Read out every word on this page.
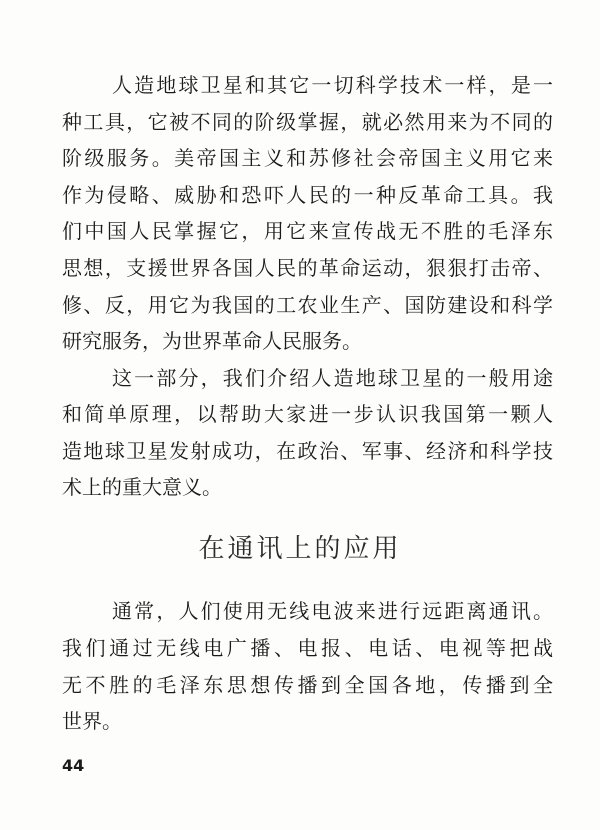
人造地球卫星和其它一切科学技术一样，是一
种工具，它被不同的阶级掌握，就必然用来为不同的
阶级服务。美帝国主义和苏修社会帝国主义用它来
作为侵略、威胁和恐吓人民的一种反革命工具。我
们中国人民掌握它，用它来宣传战无不胜的毛泽东
思想，支援世界各国人民的革命运动，狠狠打击帝、
修、反，用它为我国的工农业生产、国防建设和科学
研究服务，为世界革命人民服务。
这一部分，我们介绍人造地球卫星的一般用途
和简单原理，以帮助大家进一步认识我国第一颗人
造地球卫星发射成功，在政治、军事、经济和科学技
术上的重大意义。
在通讯上的应用
通常，人们使用无线电波来进行远距离通讯。
我们通过无线电广播、电报、电话、电视等把战
无不胜的毛泽东思想传播到全国各地，传播到全
世界。
44
